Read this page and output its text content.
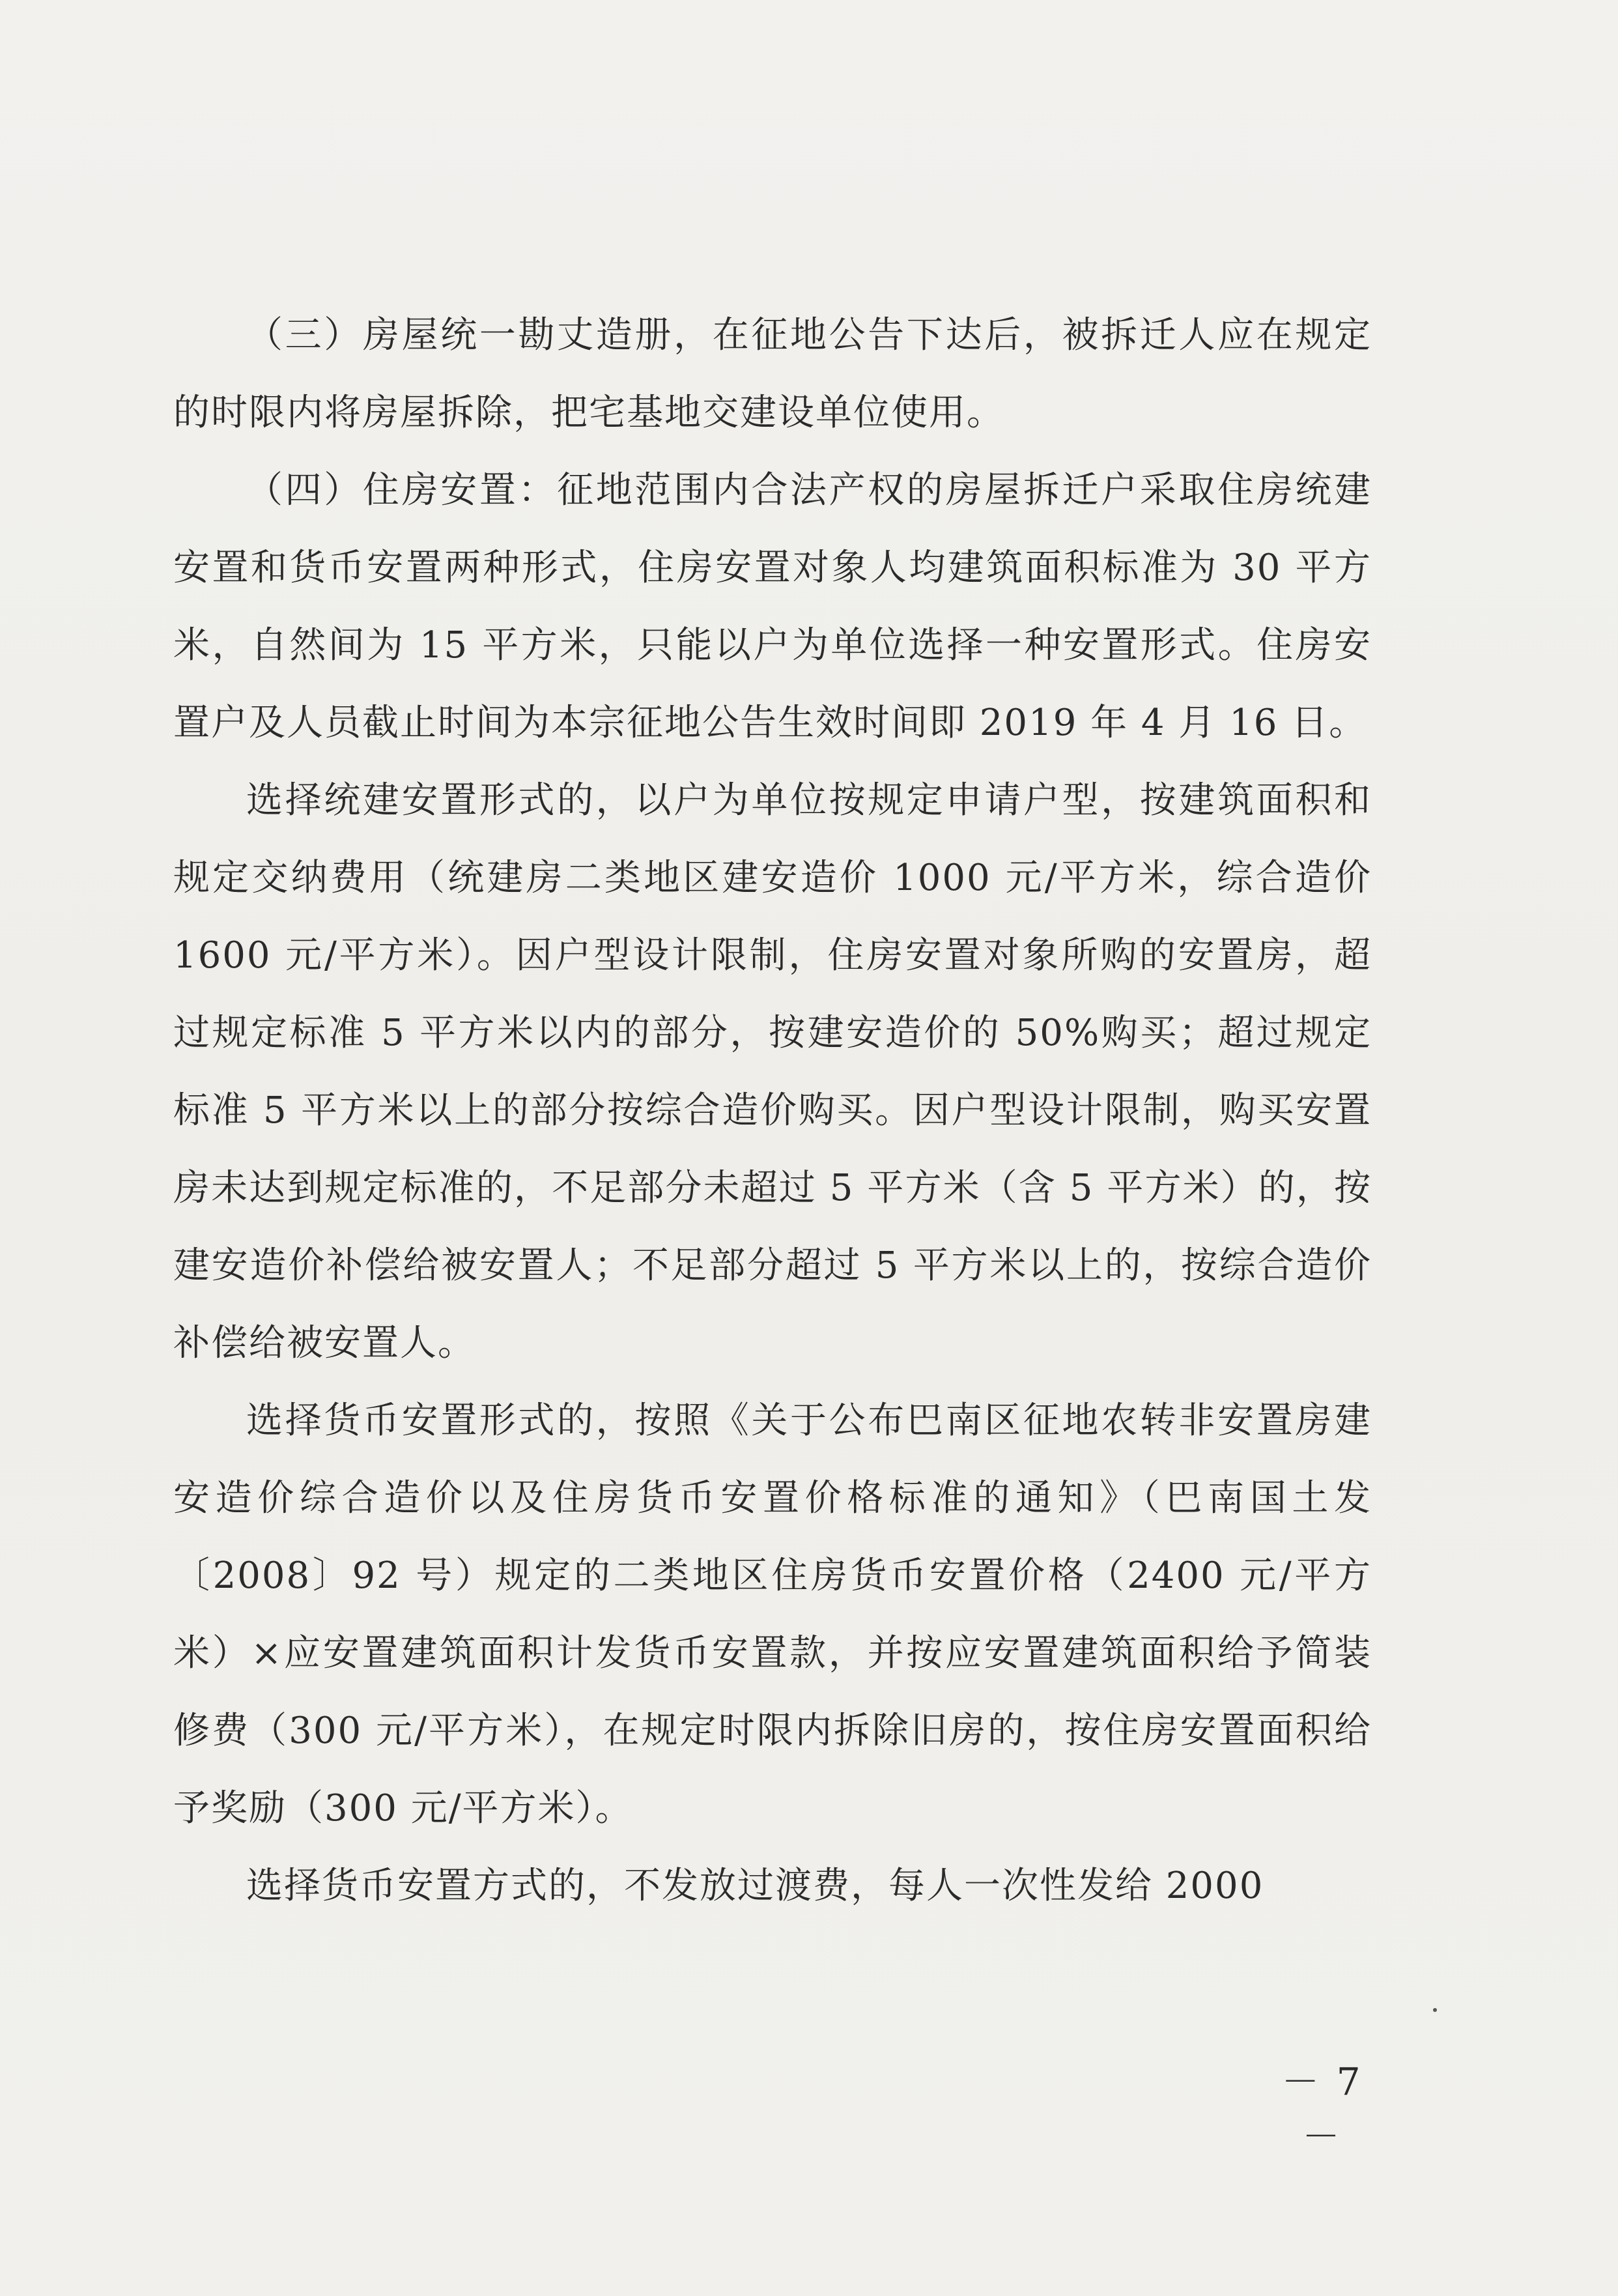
（三）房屋统一勘丈造册，在征地公告下达后，被拆迁人应在规定的时限内将房屋拆除，把宅基地交建设单位使用。

（四）住房安置：征地范围内合法产权的房屋拆迁户采取住房统建安置和货币安置两种形式，住房安置对象人均建筑面积标准为 30 平方米，自然间为 15 平方米，只能以户为单位选择一种安置形式。住房安置户及人员截止时间为本宗征地公告生效时间即 2019 年 4 月 16 日。

选择统建安置形式的，以户为单位按规定申请户型，按建筑面积和规定交纳费用（统建房二类地区建安造价 1000 元/平方米，综合造价 1600 元/平方米）。因户型设计限制，住房安置对象所购的安置房，超过规定标准 5 平方米以内的部分，按建安造价的 50%购买；超过规定标准 5 平方米以上的部分按综合造价购买。因户型设计限制，购买安置房未达到规定标准的，不足部分未超过 5 平方米（含 5 平方米）的，按建安造价补偿给被安置人；不足部分超过 5 平方米以上的，按综合造价补偿给被安置人。

选择货币安置形式的，按照《关于公布巴南区征地农转非安置房建安造价综合造价以及住房货币安置价格标准的通知》（巴南国土发〔2008〕92 号）规定的二类地区住房货币安置价格（2400 元/平方米）×应安置建筑面积计发货币安置款，并按应安置建筑面积给予简装修费（300 元/平方米），在规定时限内拆除旧房的，按住房安置面积给予奖励（300 元/平方米）。

选择货币安置方式的，不发放过渡费，每人一次性发给 2000

－ 7 －
